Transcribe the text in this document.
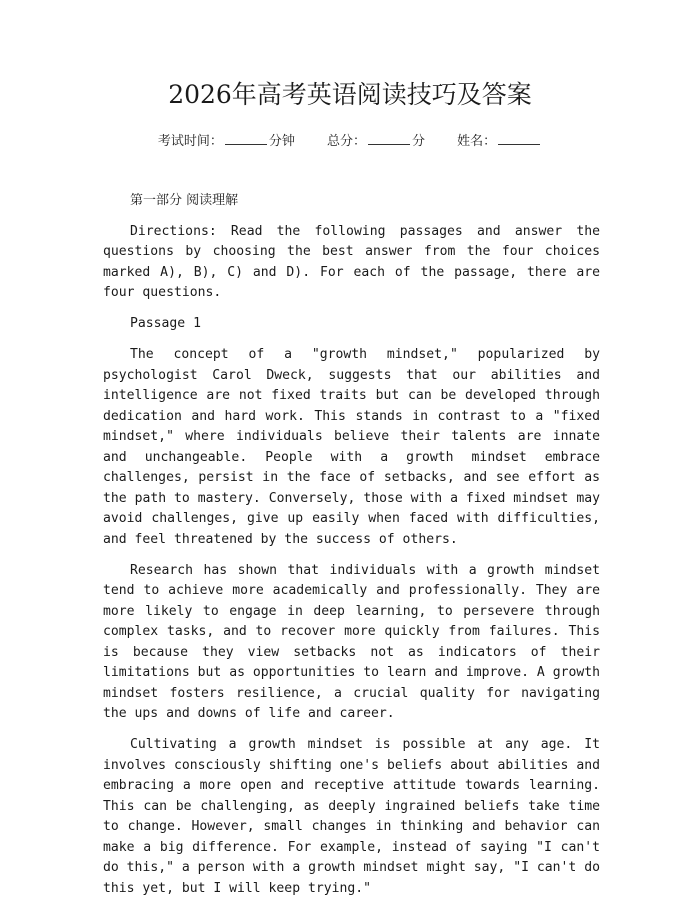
2026年高考英语阅读技巧及答案
考试时间：	分钟 总分：	分 姓名：

第一部分 阅读理解

Directions: Read the following passages and answer the questions by choosing the best answer from the four choices marked A), B), C) and D). For each of the passage, there are four questions.

Passage 1

The concept of a "growth mindset," popularized by psychologist Carol Dweck, suggests that our abilities and intelligence are not fixed traits but can be developed through dedication and hard work. This stands in contrast to a "fixed mindset," where individuals believe their talents are innate and unchangeable. People with a growth mindset embrace challenges, persist in the face of setbacks, and see effort as the path to mastery. Conversely, those with a fixed mindset may avoid challenges, give up easily when faced with difficulties, and feel threatened by the success of others.

Research has shown that individuals with a growth mindset tend to achieve more academically and professionally. They are more likely to engage in deep learning, to persevere through complex tasks, and to recover more quickly from failures. This is because they view setbacks not as indicators of their limitations but as opportunities to learn and improve. A growth mindset fosters resilience, a crucial quality for navigating the ups and downs of life and career.

Cultivating a growth mindset is possible at any age. It involves consciously shifting one's beliefs about abilities and embracing a more open and receptive attitude towards learning. This can be challenging, as deeply ingrained beliefs take time to change. However, small changes in thinking and behavior can make a big difference. For example, instead of saying "I can't do this," a person with a growth mindset might say, "I can't do this yet, but I will keep trying."
